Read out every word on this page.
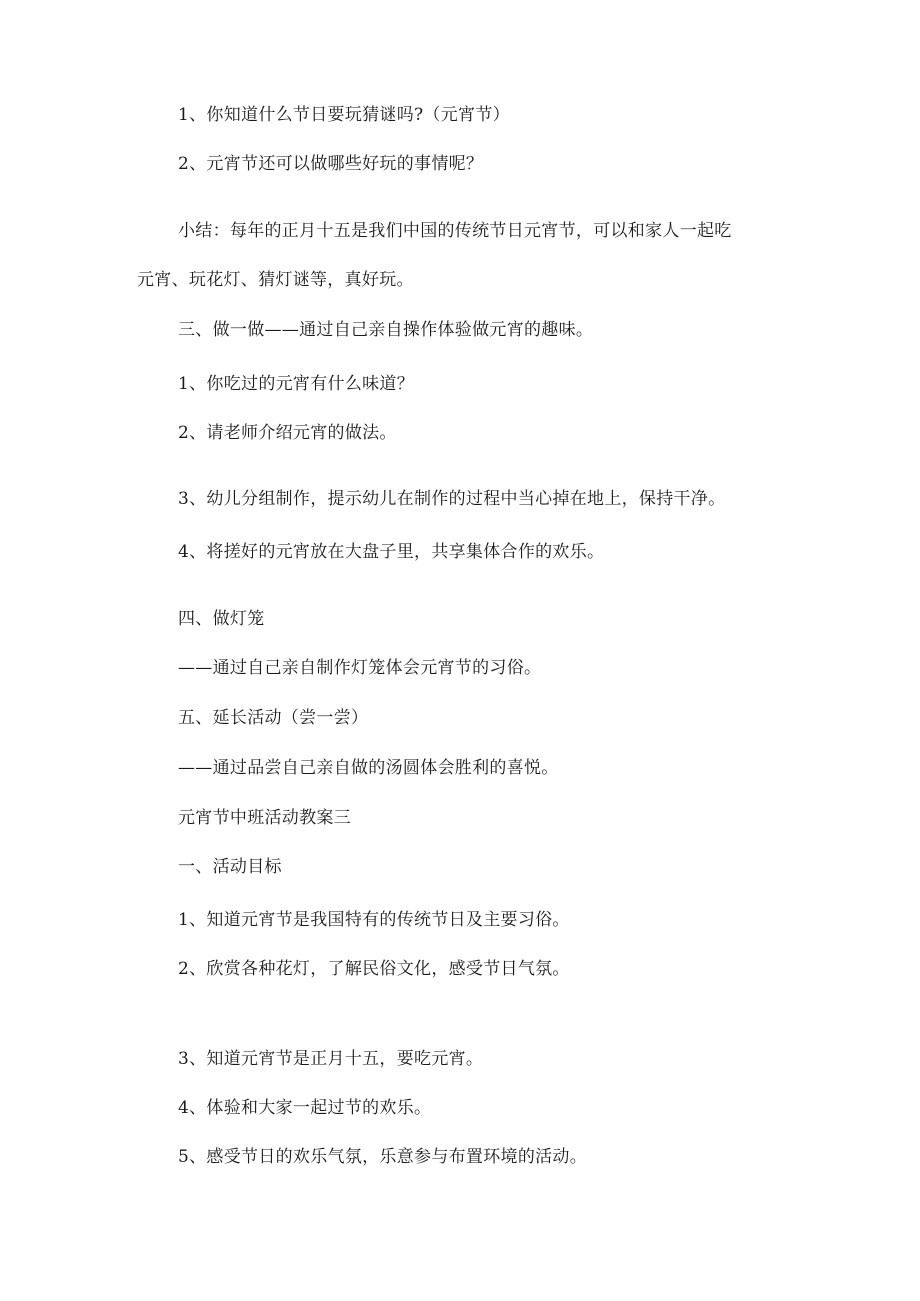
1、你知道什么节日要玩猜谜吗?（元宵节）
2、元宵节还可以做哪些好玩的事情呢？
小结：每年的正月十五是我们中国的传统节日元宵节，可以和家人一起吃
元宵、玩花灯、猜灯谜等，真好玩。
三、做一做——通过自己亲自操作体验做元宵的趣味。
1、你吃过的元宵有什么味道？
2、请老师介绍元宵的做法。
3、幼儿分组制作，提示幼儿在制作的过程中当心掉在地上，保持干净。
4、将搓好的元宵放在大盘子里，共享集体合作的欢乐。
四、做灯笼
——通过自己亲自制作灯笼体会元宵节的习俗。
五、延长活动（尝一尝）
——通过品尝自己亲自做的汤圆体会胜利的喜悦。
元宵节中班活动教案三
一、活动目标
1、知道元宵节是我国特有的传统节日及主要习俗。
2、欣赏各种花灯，了解民俗文化，感受节日气氛。
3、知道元宵节是正月十五，要吃元宵。
4、体验和大家一起过节的欢乐。
5、感受节日的欢乐气氛，乐意参与布置环境的活动。
